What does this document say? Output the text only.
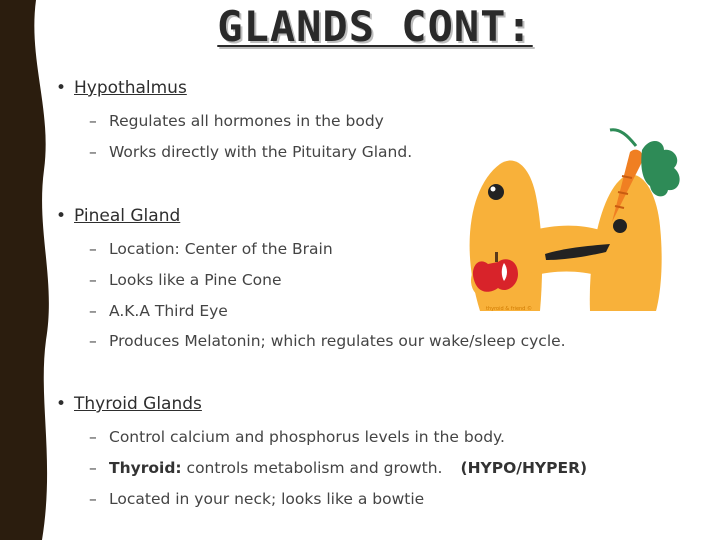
GLANDS CONT:
• Hypothalmus
– Regulates all hormones in the body
– Works directly with the Pituitary Gland.
• Pineal Gland
– Location: Center of the Brain
– Looks like a Pine Cone
– A.K.A Third Eye
– Produces Melatonin; which regulates our wake/sleep cycle.
• Thyroid Glands
– Control calcium and phosphorus levels in the body.
– Thyroid: controls metabolism and growth. (HYPO/HYPER)
– Located in your neck; looks like a bowtie
thyroid & friend ©
